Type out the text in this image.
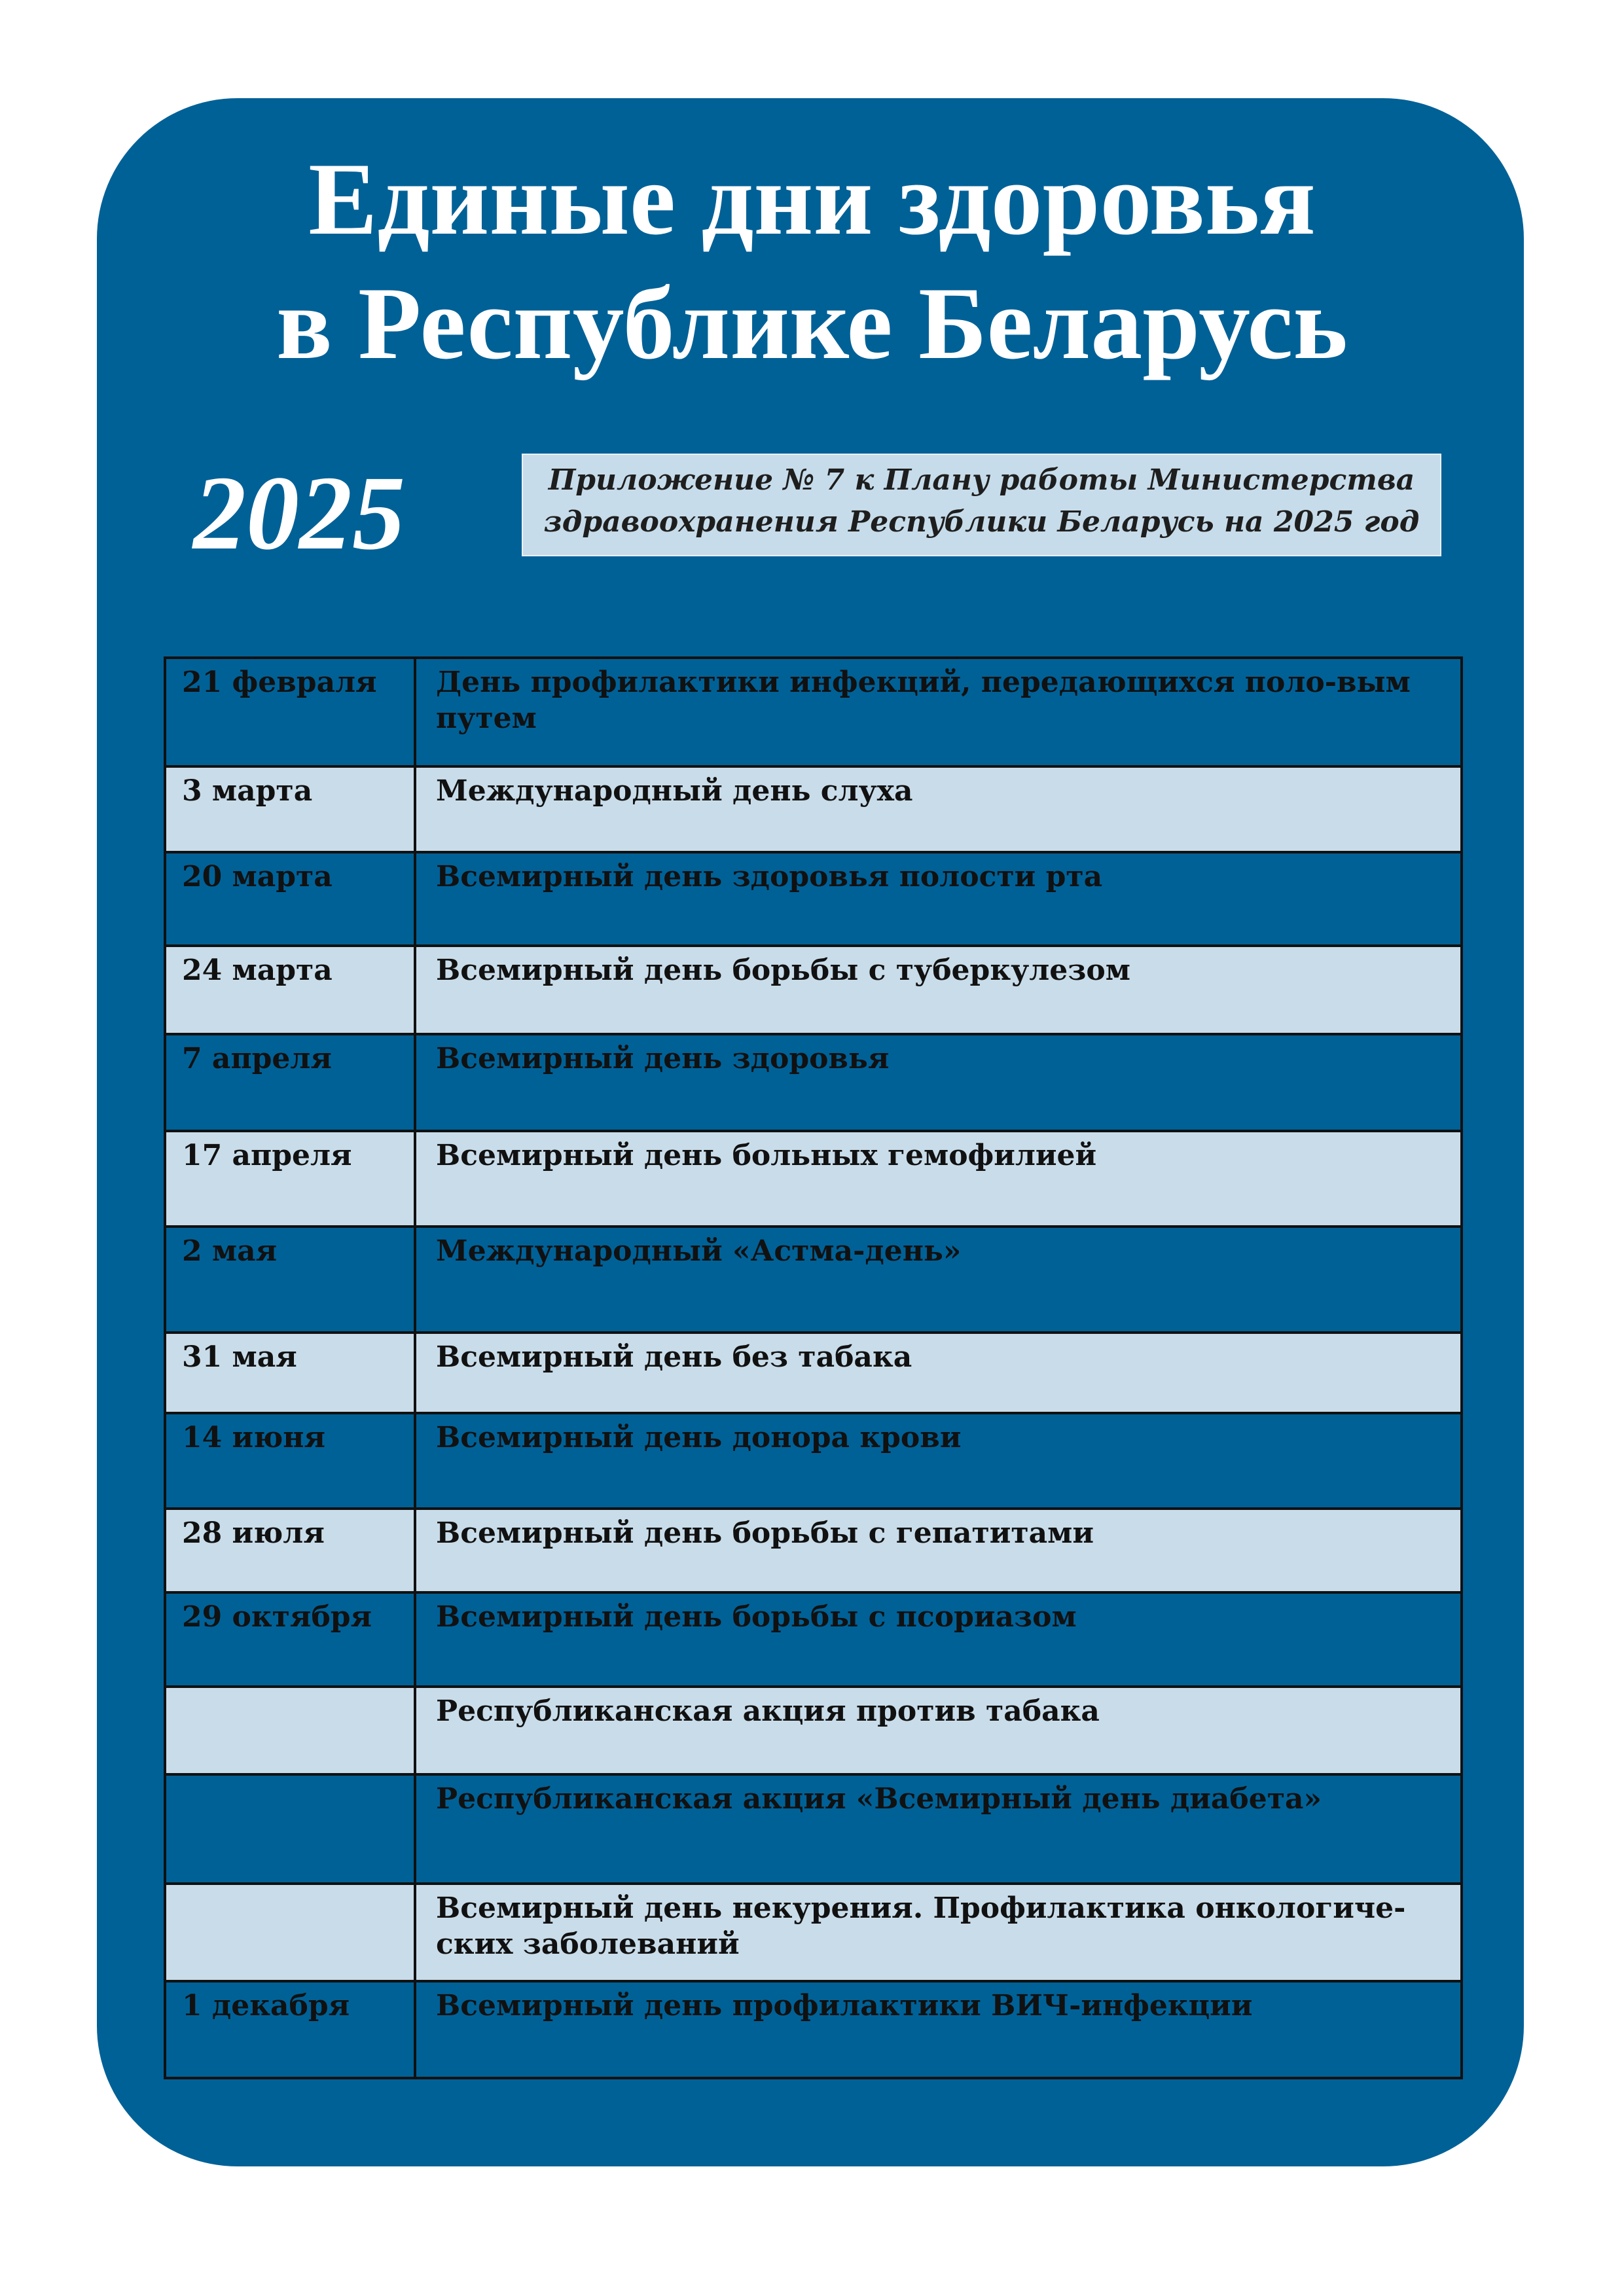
Единые дни здоровья
в Республике Беларусь
2025	Приложение № 7 к Плану работы Министерства
здравоохранения Республики Беларусь на 2025 год
21 февраля	День профилактики инфекций, передающихся поло-вым путем
3 марта	Международный день слуха
20 марта	Всемирный день здоровья полости рта
24 марта	Всемирный день борьбы с туберкулезом
7 апреля	Всемирный день здоровья
17 апреля	Всемирный день больных гемофилией
2 мая	Международный «Астма-день»
31 мая	Всемирный день без табака
14 июня	Всемирный день донора крови
28 июля	Всемирный день борьбы с гепатитами
29 октября	Всемирный день борьбы с псориазом
	Республиканская акция против табака
	Республиканская акция «Всемирный день диабета»
	Всемирный день некурения. Профилактика онкологиче-ских заболеваний
1 декабря	Всемирный день профилактики ВИЧ-инфекции
